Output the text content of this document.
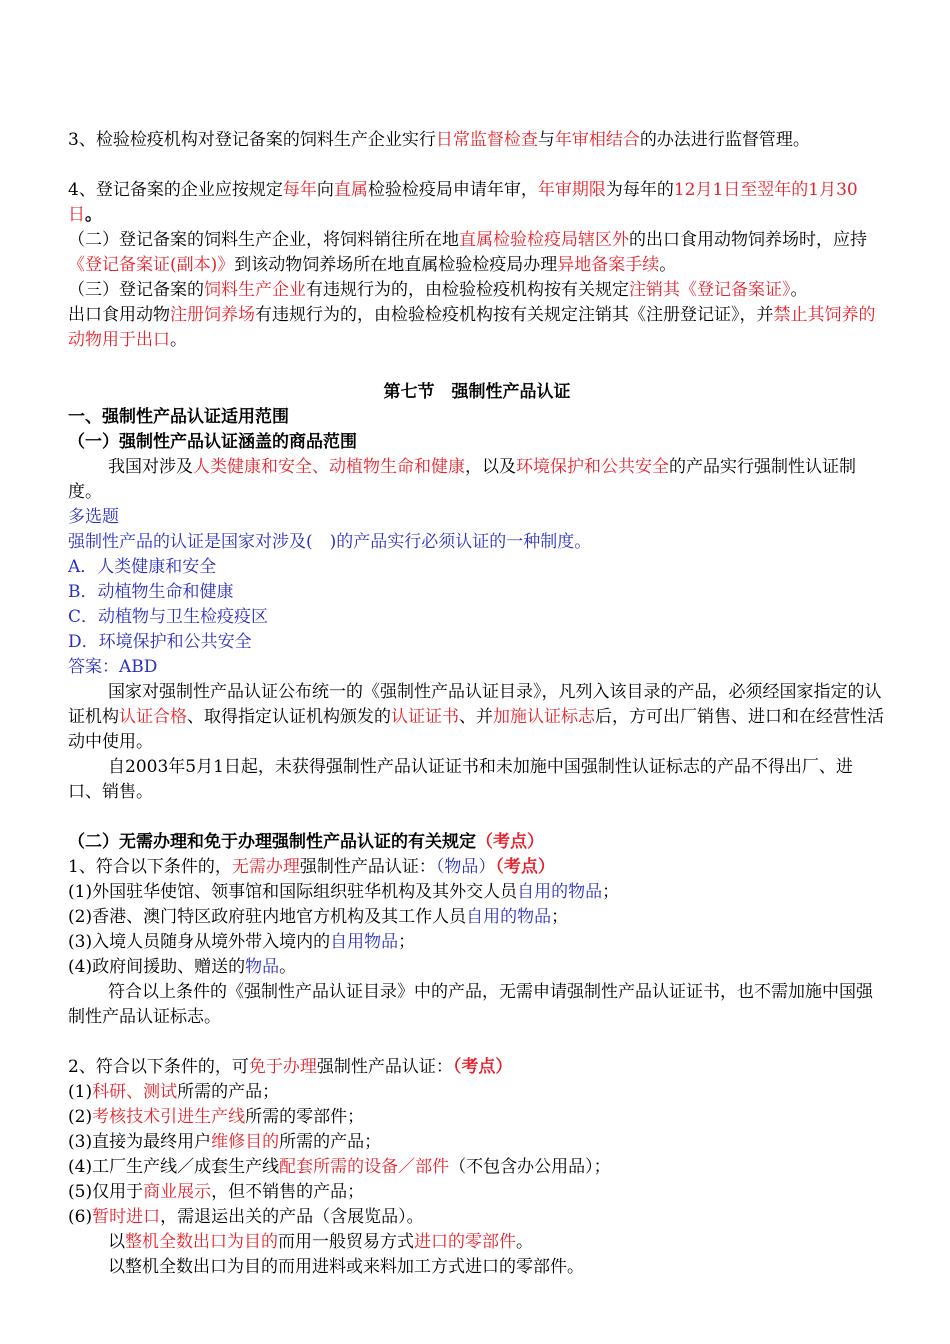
3、检验检疫机构对登记备案的饲料生产企业实行日常监督检查与年审相结合的办法进行监督管理。

4、登记备案的企业应按规定每年向直属检验检疫局申请年审，年审期限为每年的12月1日至翌年的1月30日。

（二）登记备案的饲料生产企业，将饲料销往所在地直属检验检疫局辖区外的出口食用动物饲养场时，应持《登记备案证(副本)》到该动物饲养场所在地直属检验检疫局办理异地备案手续。

（三）登记备案的饲料生产企业有违规行为的，由检验检疫机构按有关规定注销其《登记备案证》。

出口食用动物注册饲养场有违规行为的，由检验检疫机构按有关规定注销其《注册登记证》，并禁止其饲养的动物用于出口。

第七节　强制性产品认证

一、强制性产品认证适用范围

（一）强制性产品认证涵盖的商品范围

我国对涉及人类健康和安全、动植物生命和健康，以及环境保护和公共安全的产品实行强制性认证制度。

多选题

强制性产品的认证是国家对涉及(　)的产品实行必须认证的一种制度。

A．人类健康和安全

B．动植物生命和健康

C．动植物与卫生检疫疫区

D．环境保护和公共安全

答案：ABD

国家对强制性产品认证公布统一的《强制性产品认证目录》，凡列入该目录的产品，必须经国家指定的认证机构认证合格、取得指定认证机构颁发的认证证书、并加施认证标志后，方可出厂销售、进口和在经营性活动中使用。

自2003年5月1日起，未获得强制性产品认证证书和未加施中国强制性认证标志的产品不得出厂、进口、销售。

（二）无需办理和免于办理强制性产品认证的有关规定（考点）

1、符合以下条件的，无需办理强制性产品认证：（物品）（考点）

(1)外国驻华使馆、领事馆和国际组织驻华机构及其外交人员自用的物品；

(2)香港、澳门特区政府驻内地官方机构及其工作人员自用的物品；

(3)入境人员随身从境外带入境内的自用物品；

(4)政府间援助、赠送的物品。

符合以上条件的《强制性产品认证目录》中的产品，无需申请强制性产品认证证书，也不需加施中国强制性产品认证标志。

2、符合以下条件的，可免于办理强制性产品认证：（考点）

(1)科研、测试所需的产品；

(2)考核技术引进生产线所需的零部件；

(3)直接为最终用户维修目的所需的产品；

(4)工厂生产线／成套生产线配套所需的设备／部件（不包含办公用品）；

(5)仅用于商业展示，但不销售的产品；

(6)暂时进口，需退运出关的产品（含展览品）。

以整机全数出口为目的而用一般贸易方式进口的零部件。

以整机全数出口为目的而用进料或来料加工方式进口的零部件。
